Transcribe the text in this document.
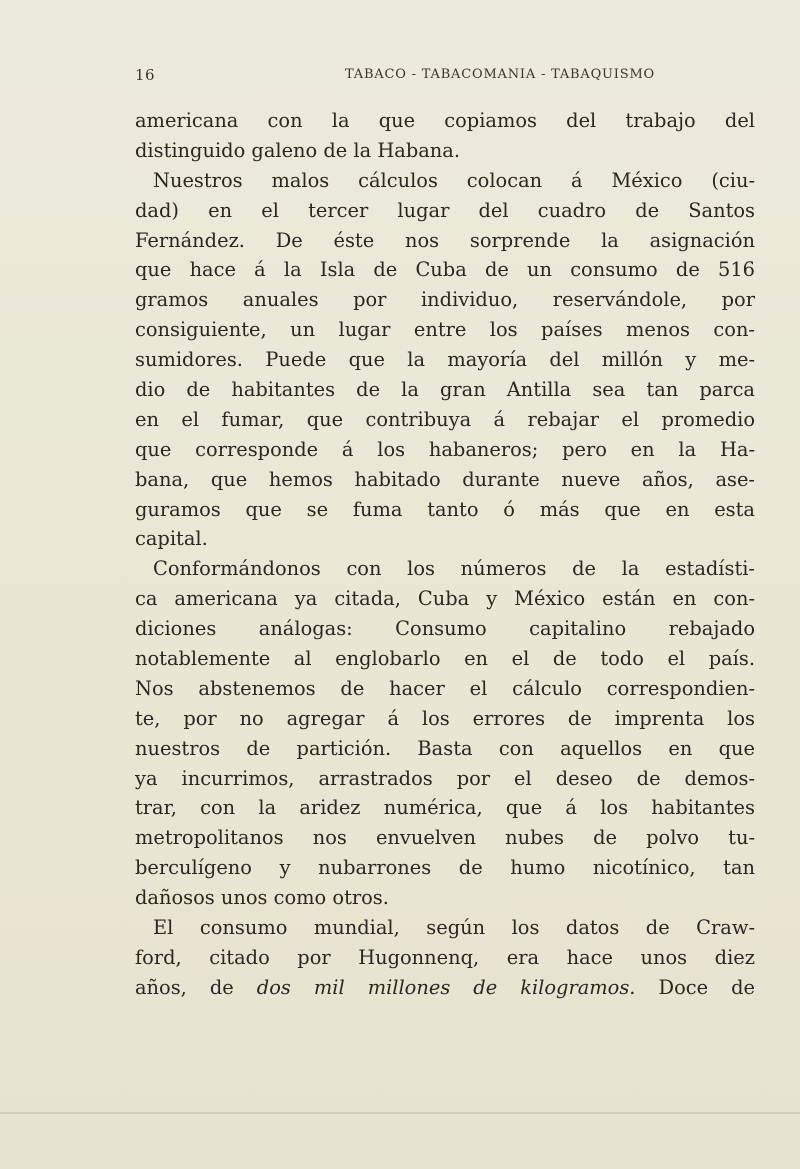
16	TABACO - TABACOMANIA - TABAQUISMO
americana con la que copiamos del trabajo del
distinguido galeno de la Habana.
Nuestros malos cálculos colocan á México (ciu-
dad) en el tercer lugar del cuadro de Santos
Fernández. De éste nos sorprende la asignación
que hace á la Isla de Cuba de un consumo de 516
gramos anuales por individuo, reservándole, por
consiguiente, un lugar entre los países menos con-
sumidores. Puede que la mayoría del millón y me-
dio de habitantes de la gran Antilla sea tan parca
en el fumar, que contribuya á rebajar el promedio
que corresponde á los habaneros; pero en la Ha-
bana, que hemos habitado durante nueve años, ase-
guramos que se fuma tanto ó más que en esta
capital.
Conformándonos con los números de la estadísti-
ca americana ya citada, Cuba y México están en con-
diciones análogas: Consumo capitalino rebajado
notablemente al englobarlo en el de todo el país.
Nos abstenemos de hacer el cálculo correspondien-
te, por no agregar á los errores de imprenta los
nuestros de partición. Basta con aquellos en que
ya incurrimos, arrastrados por el deseo de demos-
trar, con la aridez numérica, que á los habitantes
metropolitanos nos envuelven nubes de polvo tu-
berculígeno y nubarrones de humo nicotínico, tan
dañosos unos como otros.
El consumo mundial, según los datos de Craw-
ford, citado por Hugonnenq, era hace unos diez
años, de dos mil millones de kilogramos. Doce de
